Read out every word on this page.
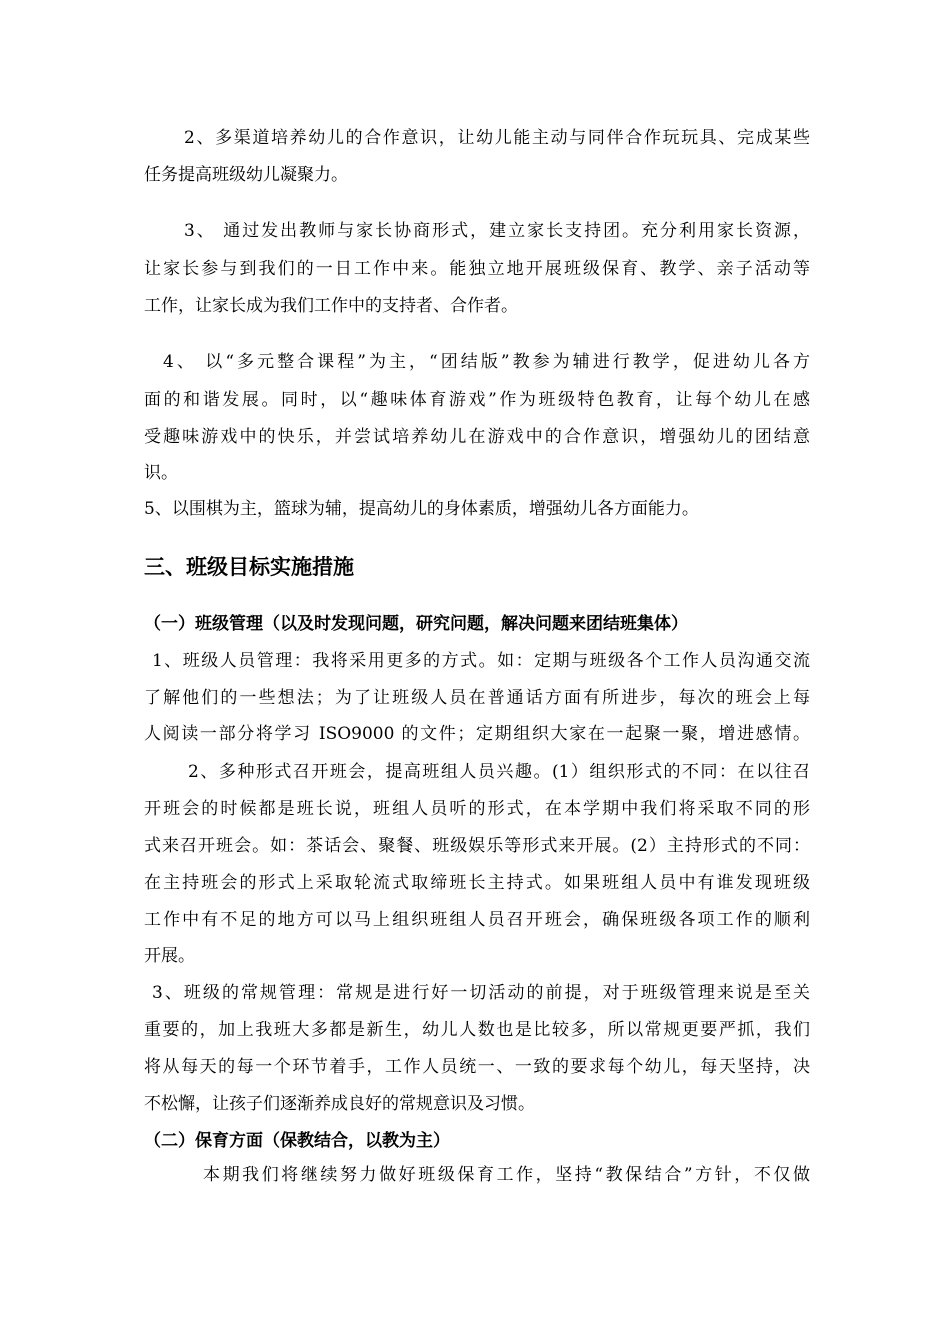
2、多渠道培养幼儿的合作意识，让幼儿能主动与同伴合作玩玩具、完成某些
任务提高班级幼儿凝聚力。
3、 通过发出教师与家长协商形式，建立家长支持团。充分利用家长资源，
让家长参与到我们的一日工作中来。能独立地开展班级保育、教学、亲子活动等
工作，让家长成为我们工作中的支持者、合作者。
4、 以“多元整合课程”为主，“团结版”教参为辅进行教学，促进幼儿各方
面的和谐发展。同时，以“趣味体育游戏”作为班级特色教育，让每个幼儿在感
受趣味游戏中的快乐，并尝试培养幼儿在游戏中的合作意识，增强幼儿的团结意
识。
5、以围棋为主，篮球为辅，提高幼儿的身体素质，增强幼儿各方面能力。
三、班级目标实施措施
（一）班级管理（以及时发现问题，研究问题，解决问题来团结班集体）
1、班级人员管理：我将采用更多的方式。如：定期与班级各个工作人员沟通交流
了解他们的一些想法；为了让班级人员在普通话方面有所进步，每次的班会上每
人阅读一部分将学习 ISO9000 的文件；定期组织大家在一起聚一聚，增进感情。
2、多种形式召开班会，提高班组人员兴趣。(1）组织形式的不同：在以往召
开班会的时候都是班长说，班组人员听的形式，在本学期中我们将采取不同的形
式来召开班会。如：茶话会、聚餐、班级娱乐等形式来开展。(2）主持形式的不同：
在主持班会的形式上采取轮流式取缔班长主持式。如果班组人员中有谁发现班级
工作中有不足的地方可以马上组织班组人员召开班会，确保班级各项工作的顺利
开展。
3、班级的常规管理：常规是进行好一切活动的前提，对于班级管理来说是至关
重要的，加上我班大多都是新生，幼儿人数也是比较多，所以常规更要严抓，我们
将从每天的每一个环节着手，工作人员统一、一致的要求每个幼儿，每天坚持，决
不松懈，让孩子们逐渐养成良好的常规意识及习惯。
（二）保育方面（保教结合，以教为主）
本期我们将继续努力做好班级保育工作，坚持“教保结合”方针，不仅做
